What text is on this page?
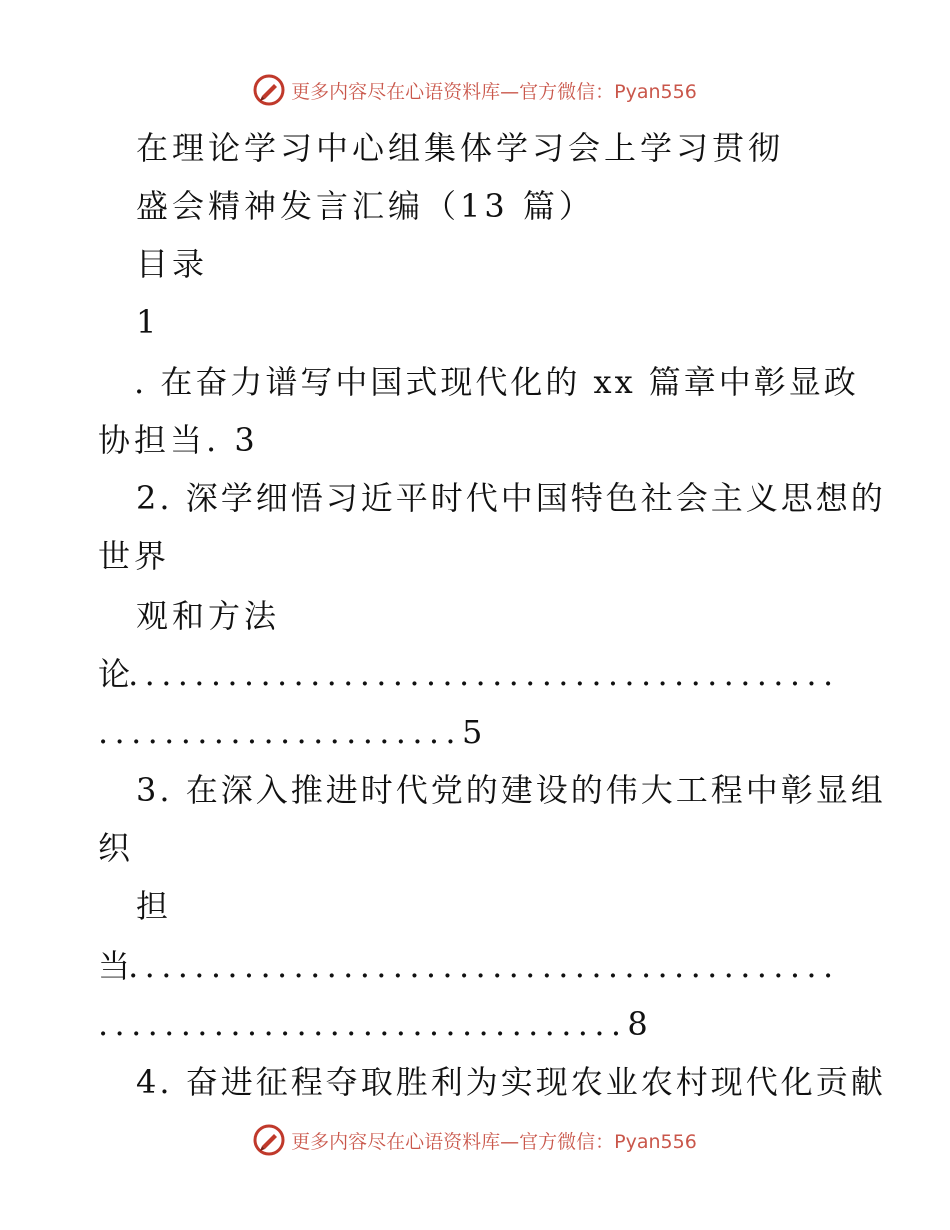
更多内容尽在心语资料库—官方微信：Pyan556
在理论学习中心组集体学习会上学习贯彻
盛会精神发言汇编（13 篇）
目录
1
. 在奋力谱写中国式现代化的 xx 篇章中彰显政
协担当. 3
2. 深学细悟习近平时代中国特色社会主义思想的
世界
观和方法
论. . . . . . . . . . . . . . . . . . . . . . . . . . . . . . . . . . . . . . . . . . .
. . . . . . . . . . . . . . . . . . . . . . 5
3. 在深入推进时代党的建设的伟大工程中彰显组
织
担
当. . . . . . . . . . . . . . . . . . . . . . . . . . . . . . . . . . . . . . . . . . .
. . . . . . . . . . . . . . . . . . . . . . . . . . . . . . . . 8
4. 奋进征程夺取胜利为实现农业农村现代化贡献
更多内容尽在心语资料库—官方微信：Pyan556
